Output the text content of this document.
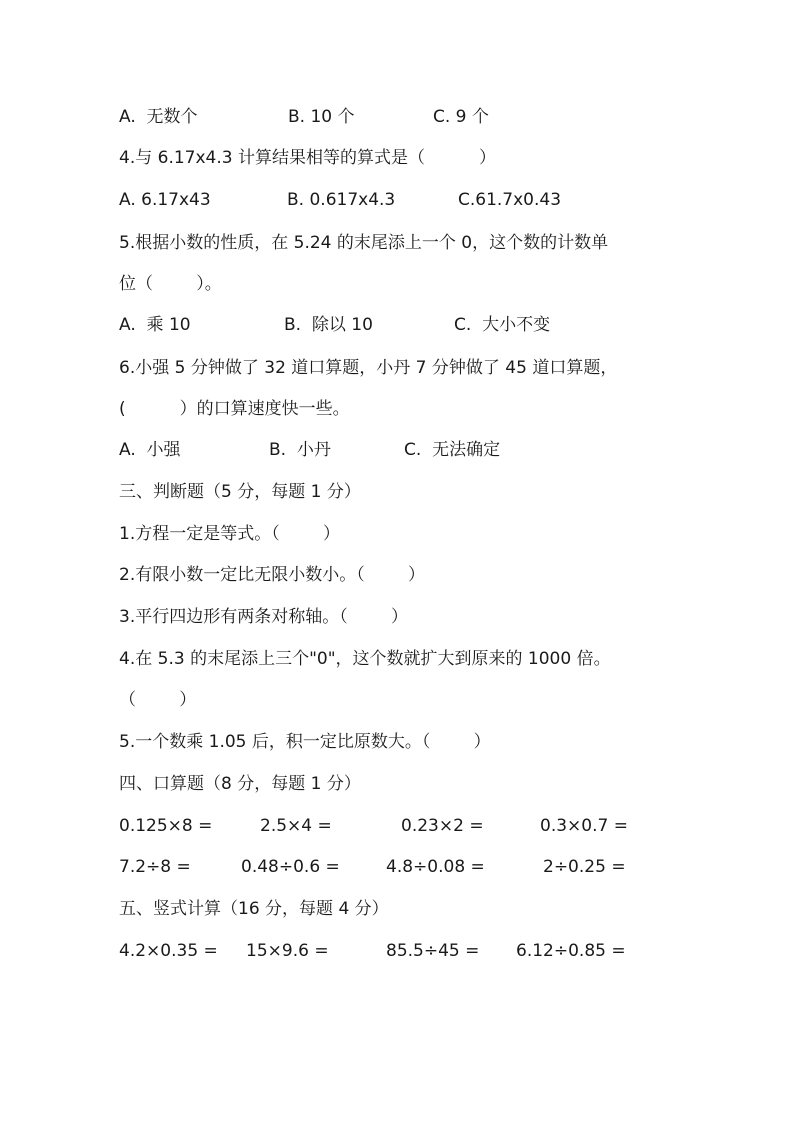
A.  无数个	B. 10 个	C. 9 个
4.与 6.17x4.3 计算结果相等的算式是（          ）
A. 6.17x43	B. 0.617x4.3	C.61.7x0.43
5.根据小数的性质，在 5.24 的末尾添上一个 0，这个数的计数单
位（        ）。
A.  乘 10	B.  除以 10	C.  大小不变
6.小强 5 分钟做了 32 道口算题，小丹 7 分钟做了 45 道口算题，
(          ）的口算速度快一些。
A.  小强	B.  小丹	C.  无法确定
三、判断题（5 分，每题 1 分）
1.方程一定是等式。（        ）
2.有限小数一定比无限小数小。（        ）
3.平行四边形有两条对称轴。（        ）
4.在 5.3 的末尾添上三个"0"，这个数就扩大到原来的 1000 倍。
（        ）
5.一个数乘 1.05 后，积一定比原数大。（        ）
四、口算题（8 分，每题 1 分）
0.125×8 =	2.5×4 =	0.23×2 =	0.3×0.7 =
7.2÷8 =	0.48÷0.6 =	4.8÷0.08 =	2÷0.25 =
五、竖式计算（16 分，每题 4 分）
4.2×0.35 = 15×9.6 =	85.5÷45 = 6.12÷0.85 =
